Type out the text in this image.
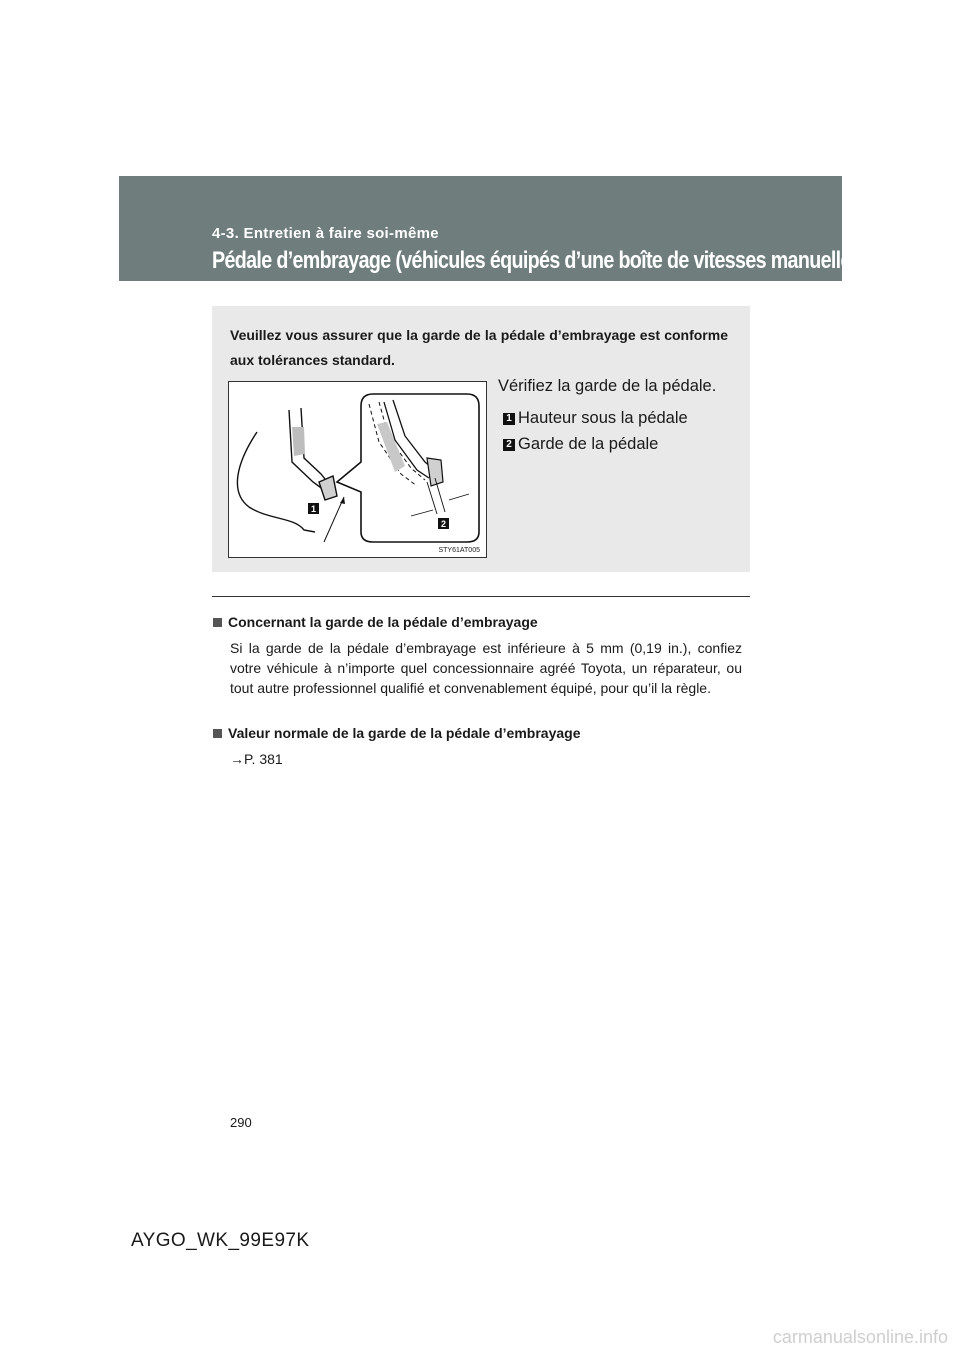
4-3. Entretien à faire soi-même
Pédale d’embrayage (véhicules équipés d’une boîte de vitesses manuelle)
Veuillez vous assurer que la garde de la pédale d’embrayage est conforme aux tolérances standard.
1
2
STY61AT005
Vérifiez la garde de la pédale.
1 Hauteur sous la pédale
2 Garde de la pédale
Concernant la garde de la pédale d’embrayage
Si la garde de la pédale d’embrayage est inférieure à 5 mm (0,19 in.), confiez votre véhicule à n’importe quel concessionnaire agréé Toyota, un réparateur, ou tout autre professionnel qualifié et convenablement équipé, pour qu’il la règle.
Valeur normale de la garde de la pédale d’embrayage
→P. 381
290
AYGO_WK_99E97K
carmanualsonline.info
